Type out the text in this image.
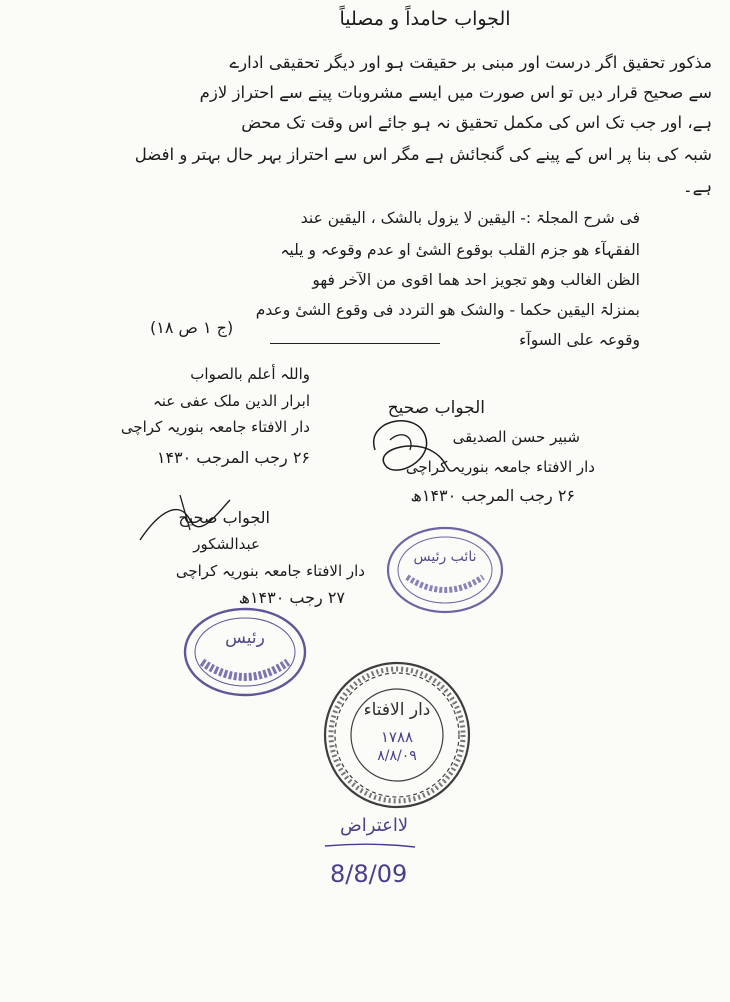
الجواب حامداً و مصلیاً
مذکور تحقیق اگر درست اور مبنی بر حقیقت ہو اور دیگر تحقیقی ادارے
سے صحیح قرار دیں تو اس صورت میں ایسے مشروبات پینے سے احتراز لازم
ہے، اور جب تک اس کی مکمل تحقیق نہ ہو جائے اس وقت تک محض
شبہ کی بنا پر اس کے پینے کی گنجائش ہے مگر اس سے احتراز بہر حال بہتر و افضل
ہے۔
فی شرح المجلۃ :- الیقین لا یزول بالشک ، الیقین عند
الفقہآء ھو جزم القلب بوقوع الشیٔ او عدم وقوعہ و یلیہ
الظن الغالب وھو تجویز احد ھما اقوی من الآخر فھو
بمنزلۃ الیقین حکما - والشک ھو التردد فی وقوع الشیٔ وعدم
وقوعہ علی السوآء
(ج ۱ ص ۱۸)
واللہ أعلم بالصواب
ابرار الدین ملک عفی عنہ
دار الافتاء جامعہ بنوریہ کراچی
۲۶ رجب المرجب ۱۴۳۰
الجواب صحیح
شبیر حسن الصدیقی
دار الافتاء جامعہ بنوریہ کراچی
۲۶ رجب المرجب ۱۴۳۰ھ
الجواب صحیح
عبدالشکور
دار الافتاء جامعہ بنوریہ کراچی
۲۷ رجب ۱۴۳۰ھ
نائب رئیس
رئیس
دار الافتاء
۱۷۸۸
۸/۸/۰۹
لااعتراض
8/8/09
